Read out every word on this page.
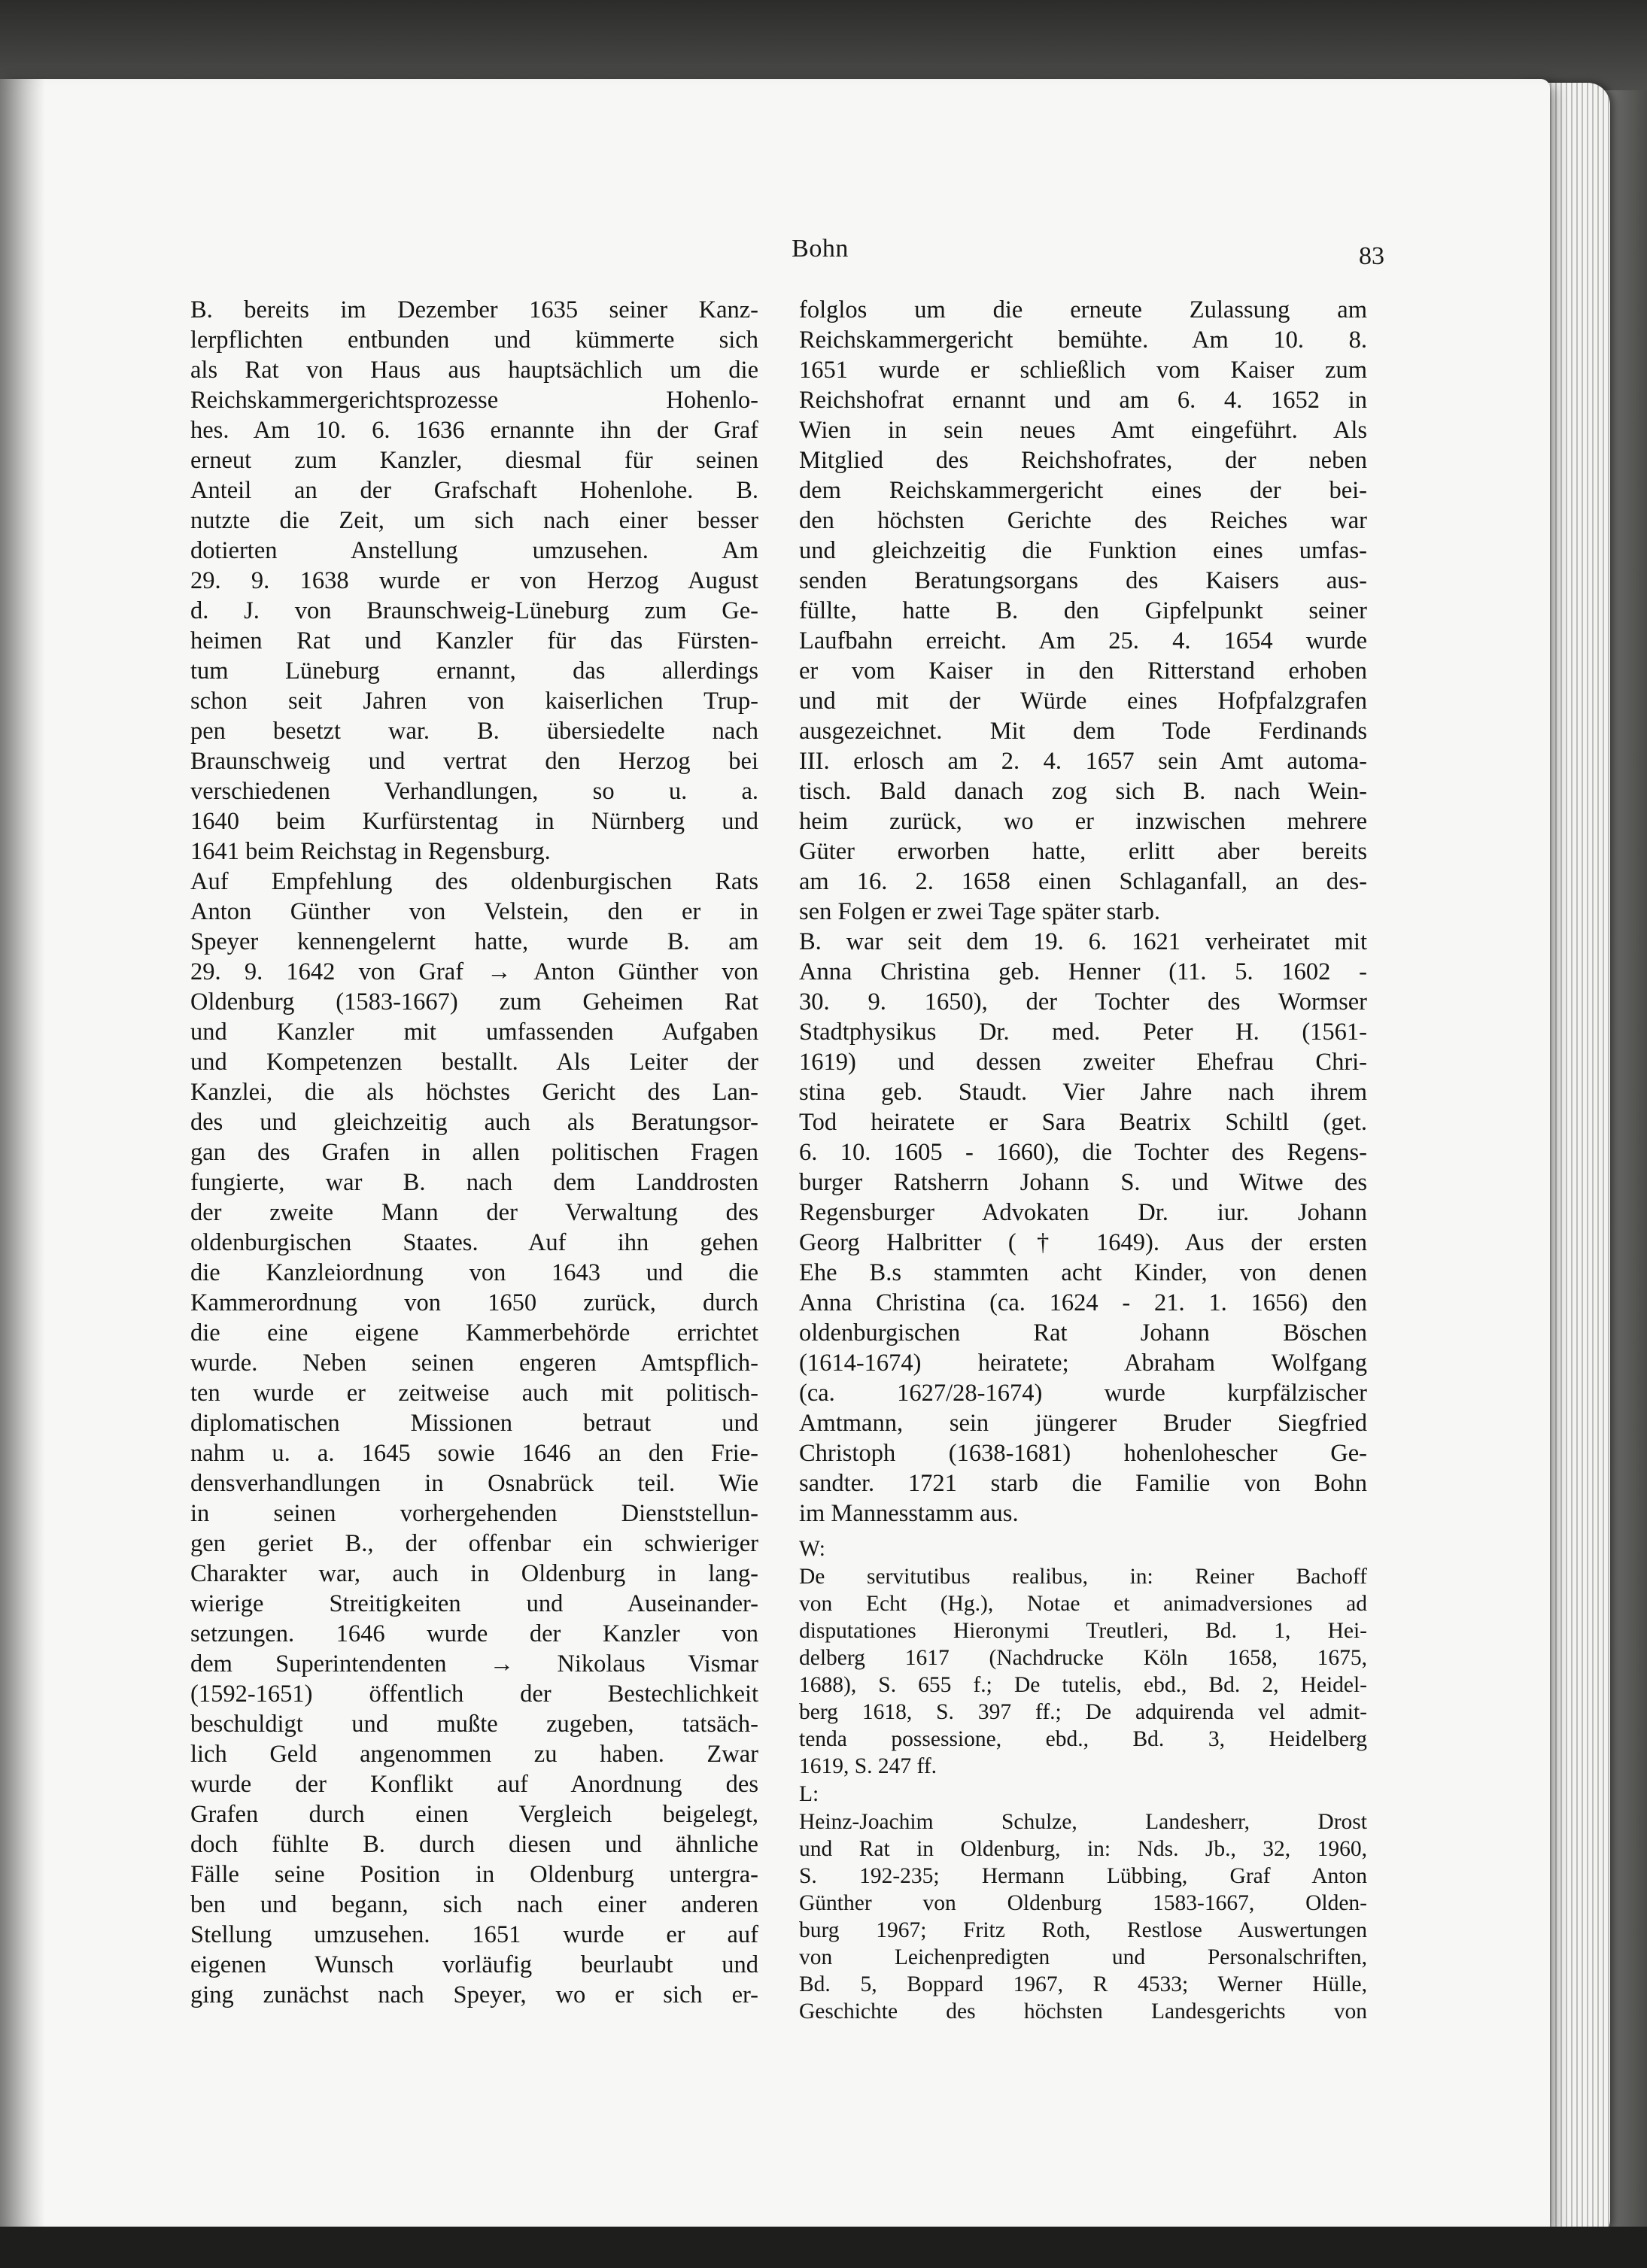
Bohn	83
B. bereits im Dezember 1635 seiner Kanz-
lerpflichten entbunden und kümmerte sich
als Rat von Haus aus hauptsächlich um die
Reichskammergerichtsprozesse Hohenlo-
hes. Am 10. 6. 1636 ernannte ihn der Graf
erneut zum Kanzler, diesmal für seinen
Anteil an der Grafschaft Hohenlohe. B.
nutzte die Zeit, um sich nach einer besser
dotierten Anstellung umzusehen. Am
29. 9. 1638 wurde er von Herzog August
d. J. von Braunschweig-Lüneburg zum Ge-
heimen Rat und Kanzler für das Fürsten-
tum Lüneburg ernannt, das allerdings
schon seit Jahren von kaiserlichen Trup-
pen besetzt war. B. übersiedelte nach
Braunschweig und vertrat den Herzog bei
verschiedenen Verhandlungen, so u. a.
1640 beim Kurfürstentag in Nürnberg und
1641 beim Reichstag in Regensburg.
Auf Empfehlung des oldenburgischen Rats
Anton Günther von Velstein, den er in
Speyer kennengelernt hatte, wurde B. am
29. 9. 1642 von Graf → Anton Günther von
Oldenburg (1583-1667) zum Geheimen Rat
und Kanzler mit umfassenden Aufgaben
und Kompetenzen bestallt. Als Leiter der
Kanzlei, die als höchstes Gericht des Lan-
des und gleichzeitig auch als Beratungsor-
gan des Grafen in allen politischen Fragen
fungierte, war B. nach dem Landdrosten
der zweite Mann der Verwaltung des
oldenburgischen Staates. Auf ihn gehen
die Kanzleiordnung von 1643 und die
Kammerordnung von 1650 zurück, durch
die eine eigene Kammerbehörde errichtet
wurde. Neben seinen engeren Amtspflich-
ten wurde er zeitweise auch mit politisch-
diplomatischen Missionen betraut und
nahm u. a. 1645 sowie 1646 an den Frie-
densverhandlungen in Osnabrück teil. Wie
in seinen vorhergehenden Dienststellun-
gen geriet B., der offenbar ein schwieriger
Charakter war, auch in Oldenburg in lang-
wierige Streitigkeiten und Auseinander-
setzungen. 1646 wurde der Kanzler von
dem Superintendenten → Nikolaus Vismar
(1592-1651) öffentlich der Bestechlichkeit
beschuldigt und mußte zugeben, tatsäch-
lich Geld angenommen zu haben. Zwar
wurde der Konflikt auf Anordnung des
Grafen durch einen Vergleich beigelegt,
doch fühlte B. durch diesen und ähnliche
Fälle seine Position in Oldenburg untergra-
ben und begann, sich nach einer anderen
Stellung umzusehen. 1651 wurde er auf
eigenen Wunsch vorläufig beurlaubt und
ging zunächst nach Speyer, wo er sich er-
folglos um die erneute Zulassung am
Reichskammergericht bemühte. Am 10. 8.
1651 wurde er schließlich vom Kaiser zum
Reichshofrat ernannt und am 6. 4. 1652 in
Wien in sein neues Amt eingeführt. Als
Mitglied des Reichshofrates, der neben
dem Reichskammergericht eines der bei-
den höchsten Gerichte des Reiches war
und gleichzeitig die Funktion eines umfas-
senden Beratungsorgans des Kaisers aus-
füllte, hatte B. den Gipfelpunkt seiner
Laufbahn erreicht. Am 25. 4. 1654 wurde
er vom Kaiser in den Ritterstand erhoben
und mit der Würde eines Hofpfalzgrafen
ausgezeichnet. Mit dem Tode Ferdinands
III. erlosch am 2. 4. 1657 sein Amt automa-
tisch. Bald danach zog sich B. nach Wein-
heim zurück, wo er inzwischen mehrere
Güter erworben hatte, erlitt aber bereits
am 16. 2. 1658 einen Schlaganfall, an des-
sen Folgen er zwei Tage später starb.
B. war seit dem 19. 6. 1621 verheiratet mit
Anna Christina geb. Henner (11. 5. 1602 -
30. 9. 1650), der Tochter des Wormser
Stadtphysikus Dr. med. Peter H. (1561-
1619) und dessen zweiter Ehefrau Chri-
stina geb. Staudt. Vier Jahre nach ihrem
Tod heiratete er Sara Beatrix Schiltl (get.
6. 10. 1605 - 1660), die Tochter des Regens-
burger Ratsherrn Johann S. und Witwe des
Regensburger Advokaten Dr. iur. Johann
Georg Halbritter († 1649). Aus der ersten
Ehe B.s stammten acht Kinder, von denen
Anna Christina (ca. 1624 - 21. 1. 1656) den
oldenburgischen Rat Johann Böschen
(1614-1674) heiratete; Abraham Wolfgang
(ca. 1627/28-1674) wurde kurpfälzischer
Amtmann, sein jüngerer Bruder Siegfried
Christoph (1638-1681) hohenlohescher Ge-
sandter. 1721 starb die Familie von Bohn
im Mannesstamm aus.
W:
De servitutibus realibus, in: Reiner Bachoff
von Echt (Hg.), Notae et animadversiones ad
disputationes Hieronymi Treutleri, Bd. 1, Hei-
delberg 1617 (Nachdrucke Köln 1658, 1675,
1688), S. 655 f.; De tutelis, ebd., Bd. 2, Heidel-
berg 1618, S. 397 ff.; De adquirenda vel admit-
tenda possessione, ebd., Bd. 3, Heidelberg
1619, S. 247 ff.
L:
Heinz-Joachim Schulze, Landesherr, Drost
und Rat in Oldenburg, in: Nds. Jb., 32, 1960,
S. 192-235; Hermann Lübbing, Graf Anton
Günther von Oldenburg 1583-1667, Olden-
burg 1967; Fritz Roth, Restlose Auswertungen
von Leichenpredigten und Personalschriften,
Bd. 5, Boppard 1967, R 4533; Werner Hülle,
Geschichte des höchsten Landesgerichts von
